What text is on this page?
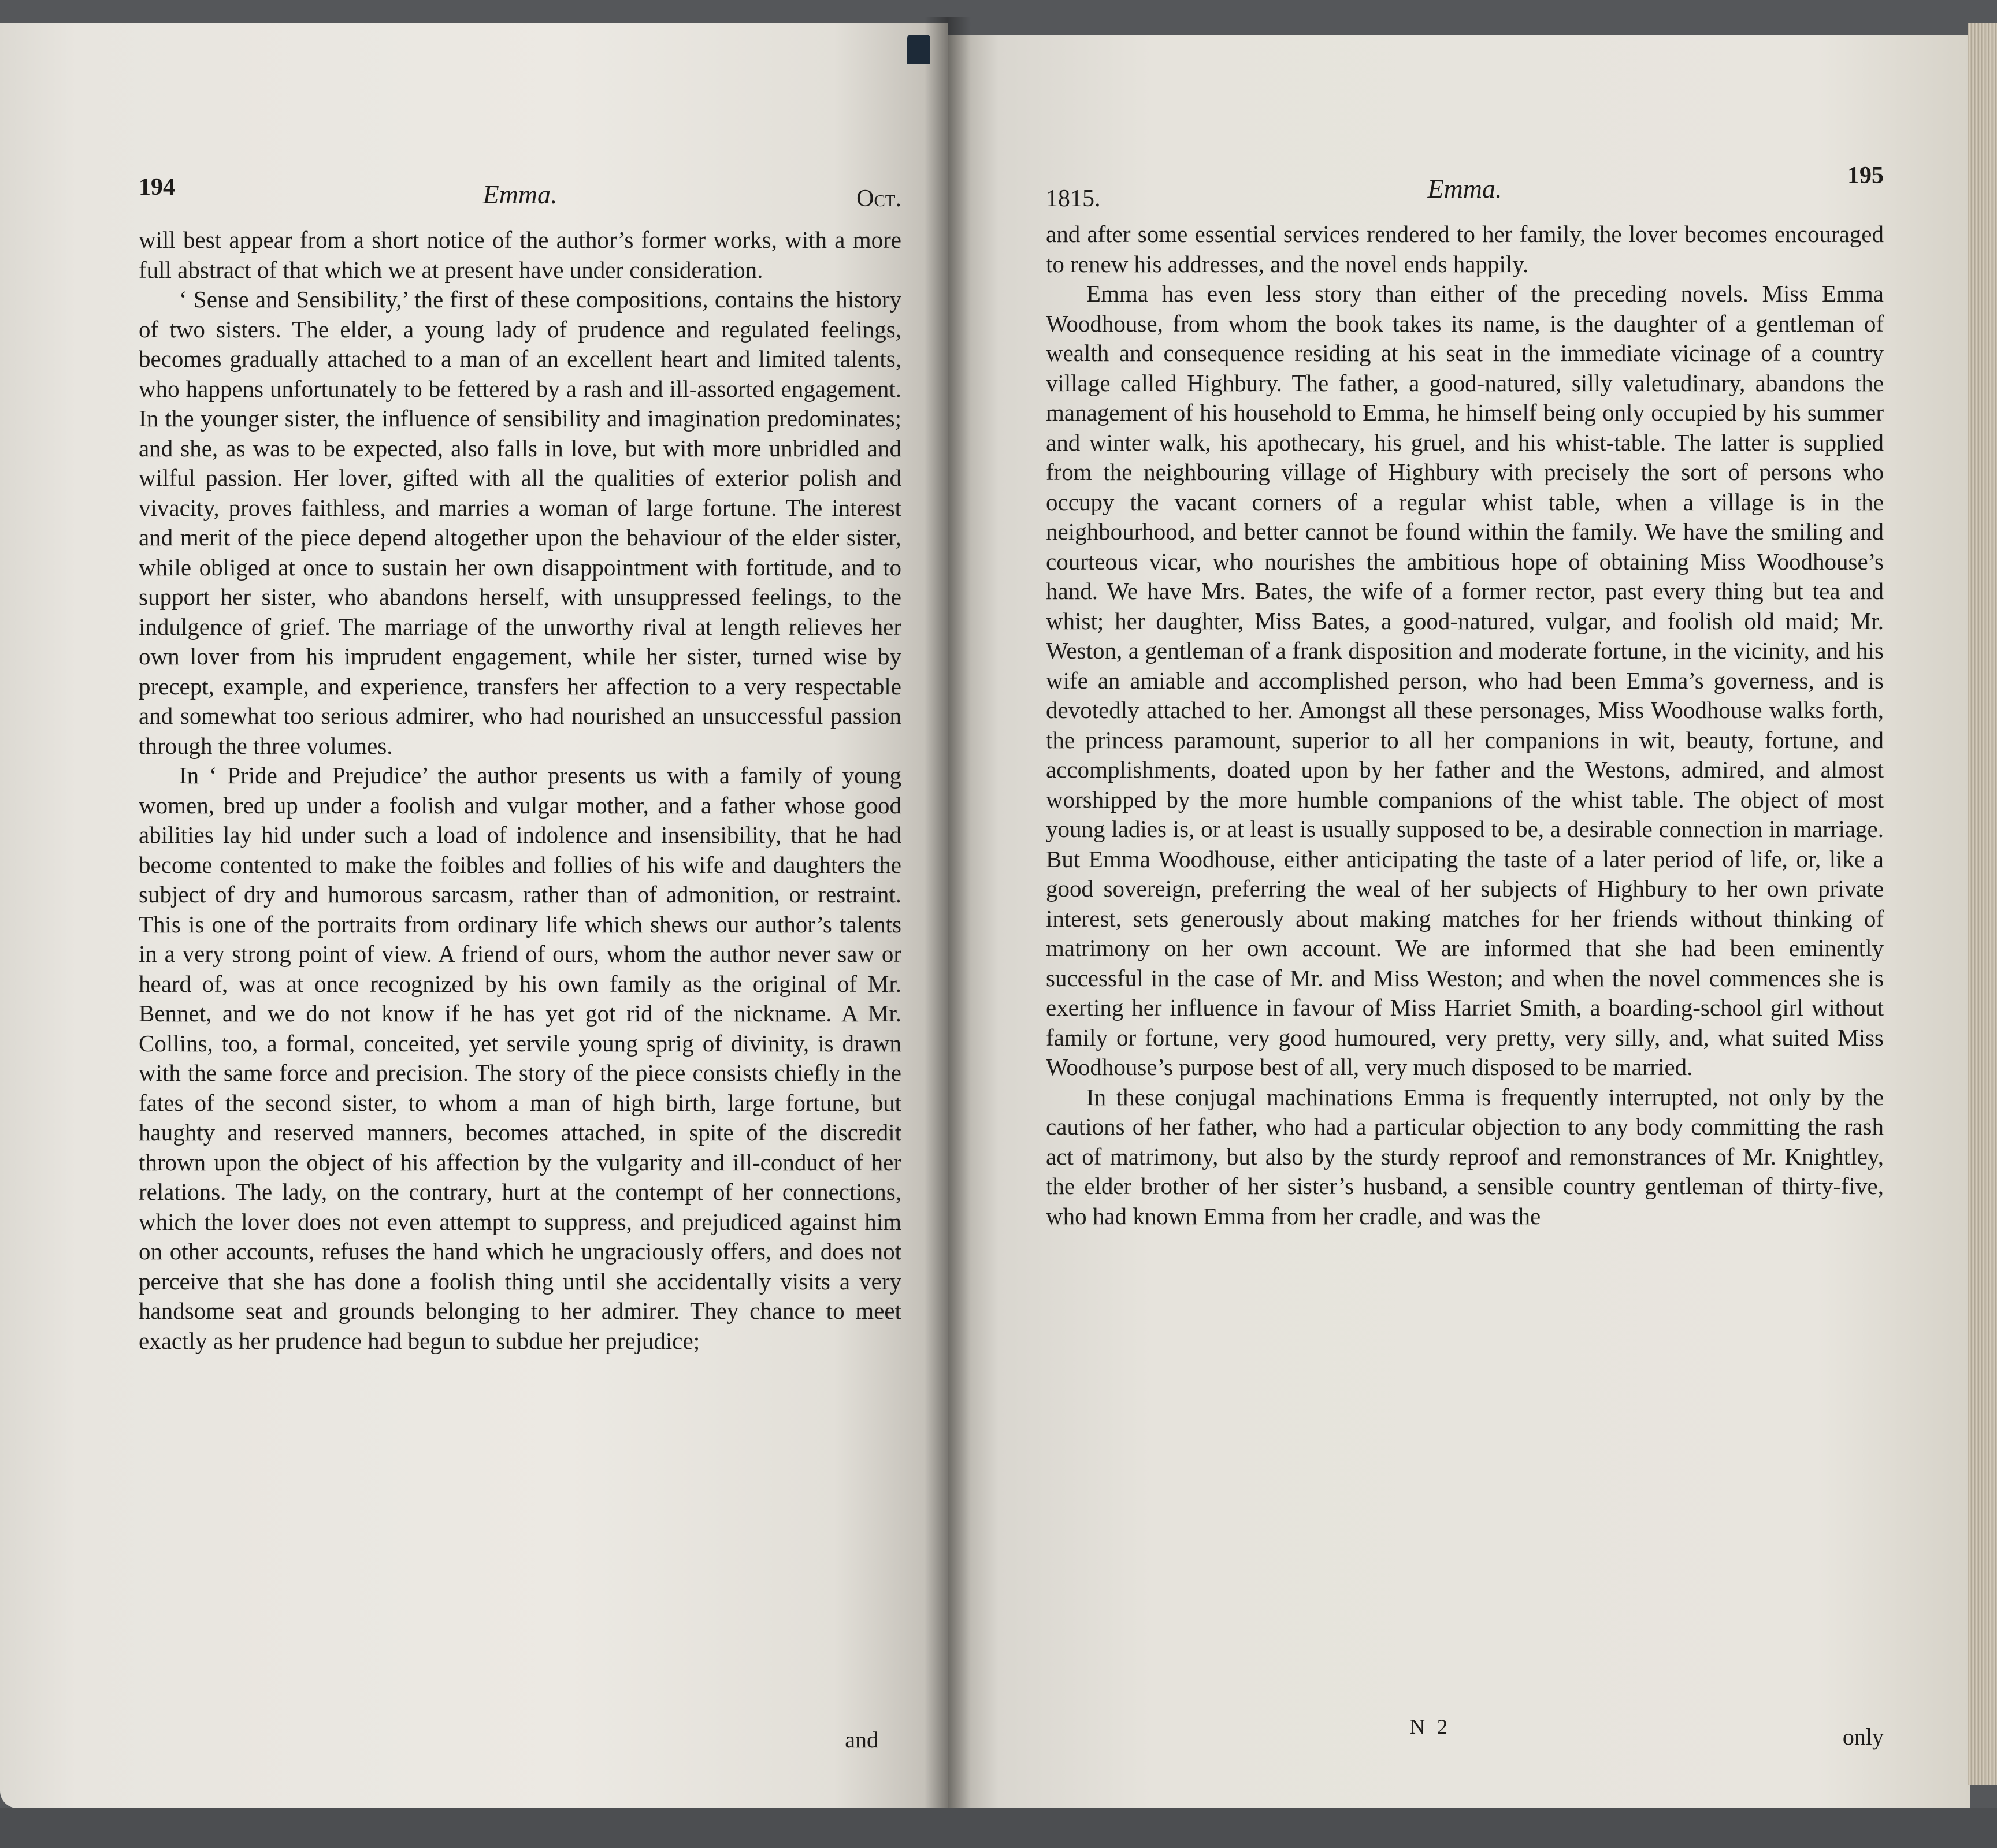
194	Emma.	Oct.

will best appear from a short notice of the author’s former works, with a more full abstract of that which we at present have under consideration.

‘ Sense and Sensibility,’ the first of these compositions, contains the history of two sisters. The elder, a young lady of prudence and regulated feelings, becomes gradually attached to a man of an excellent heart and limited talents, who happens unfortunately to be fettered by a rash and ill-assorted engagement. In the younger sister, the influence of sensibility and imagination predominates; and she, as was to be expected, also falls in love, but with more unbridled and wilful passion. Her lover, gifted with all the qualities of exterior polish and vivacity, proves faithless, and marries a woman of large fortune. The interest and merit of the piece depend altogether upon the behaviour of the elder sister, while obliged at once to sustain her own disappointment with fortitude, and to support her sister, who abandons herself, with unsuppressed feelings, to the indulgence of grief. The marriage of the unworthy rival at length relieves her own lover from his imprudent engagement, while her sister, turned wise by precept, example, and experience, transfers her affection to a very respectable and somewhat too serious admirer, who had nourished an unsuccessful passion through the three volumes.

In ‘ Pride and Prejudice’ the author presents us with a family of young women, bred up under a foolish and vulgar mother, and a father whose good abilities lay hid under such a load of indolence and insensibility, that he had become contented to make the foibles and follies of his wife and daughters the subject of dry and humorous sarcasm, rather than of admonition, or restraint. This is one of the portraits from ordinary life which shews our author’s talents in a very strong point of view. A friend of ours, whom the author never saw or heard of, was at once recognized by his own family as the original of Mr. Bennet, and we do not know if he has yet got rid of the nickname. A Mr. Collins, too, a formal, conceited, yet servile young sprig of divinity, is drawn with the same force and precision. The story of the piece consists chiefly in the fates of the second sister, to whom a man of high birth, large fortune, but haughty and reserved manners, becomes attached, in spite of the discredit thrown upon the object of his affection by the vulgarity and ill-conduct of her relations. The lady, on the contrary, hurt at the contempt of her connections, which the lover does not even attempt to suppress, and prejudiced against him on other accounts, refuses the hand which he ungraciously offers, and does not perceive that she has done a foolish thing until she accidentally visits a very handsome seat and grounds belonging to her admirer. They chance to meet exactly as her prudence had begun to subdue her prejudice;

and
1815.	Emma.	195

and after some essential services rendered to her family, the lover becomes encouraged to renew his addresses, and the novel ends happily.

Emma has even less story than either of the preceding novels. Miss Emma Woodhouse, from whom the book takes its name, is the daughter of a gentleman of wealth and consequence residing at his seat in the immediate vicinage of a country village called Highbury. The father, a good-natured, silly valetudinary, abandons the management of his household to Emma, he himself being only occupied by his summer and winter walk, his apothecary, his gruel, and his whist-table. The latter is supplied from the neighbouring village of Highbury with precisely the sort of persons who occupy the vacant corners of a regular whist table, when a village is in the neighbourhood, and better cannot be found within the family. We have the smiling and courteous vicar, who nourishes the ambitious hope of obtaining Miss Woodhouse’s hand. We have Mrs. Bates, the wife of a former rector, past every thing but tea and whist; her daughter, Miss Bates, a good-natured, vulgar, and foolish old maid; Mr. Weston, a gentleman of a frank disposition and moderate fortune, in the vicinity, and his wife an amiable and accomplished person, who had been Emma’s governess, and is devotedly attached to her. Amongst all these personages, Miss Woodhouse walks forth, the princess paramount, superior to all her companions in wit, beauty, fortune, and accomplishments, doated upon by her father and the Westons, admired, and almost worshipped by the more humble companions of the whist table. The object of most young ladies is, or at least is usually supposed to be, a desirable connection in marriage. But Emma Woodhouse, either anticipating the taste of a later period of life, or, like a good sovereign, preferring the weal of her subjects of Highbury to her own private interest, sets generously about making matches for her friends without thinking of matrimony on her own account. We are informed that she had been eminently successful in the case of Mr. and Miss Weston; and when the novel commences she is exerting her influence in favour of Miss Harriet Smith, a boarding-school girl without family or fortune, very good humoured, very pretty, very silly, and, what suited Miss Woodhouse’s purpose best of all, very much disposed to be married.

In these conjugal machinations Emma is frequently interrupted, not only by the cautions of her father, who had a particular objection to any body committing the rash act of matrimony, but also by the sturdy reproof and remonstrances of Mr. Knightley, the elder brother of her sister’s husband, a sensible country gentleman of thirty-five, who had known Emma from her cradle, and was the

N 2	only
